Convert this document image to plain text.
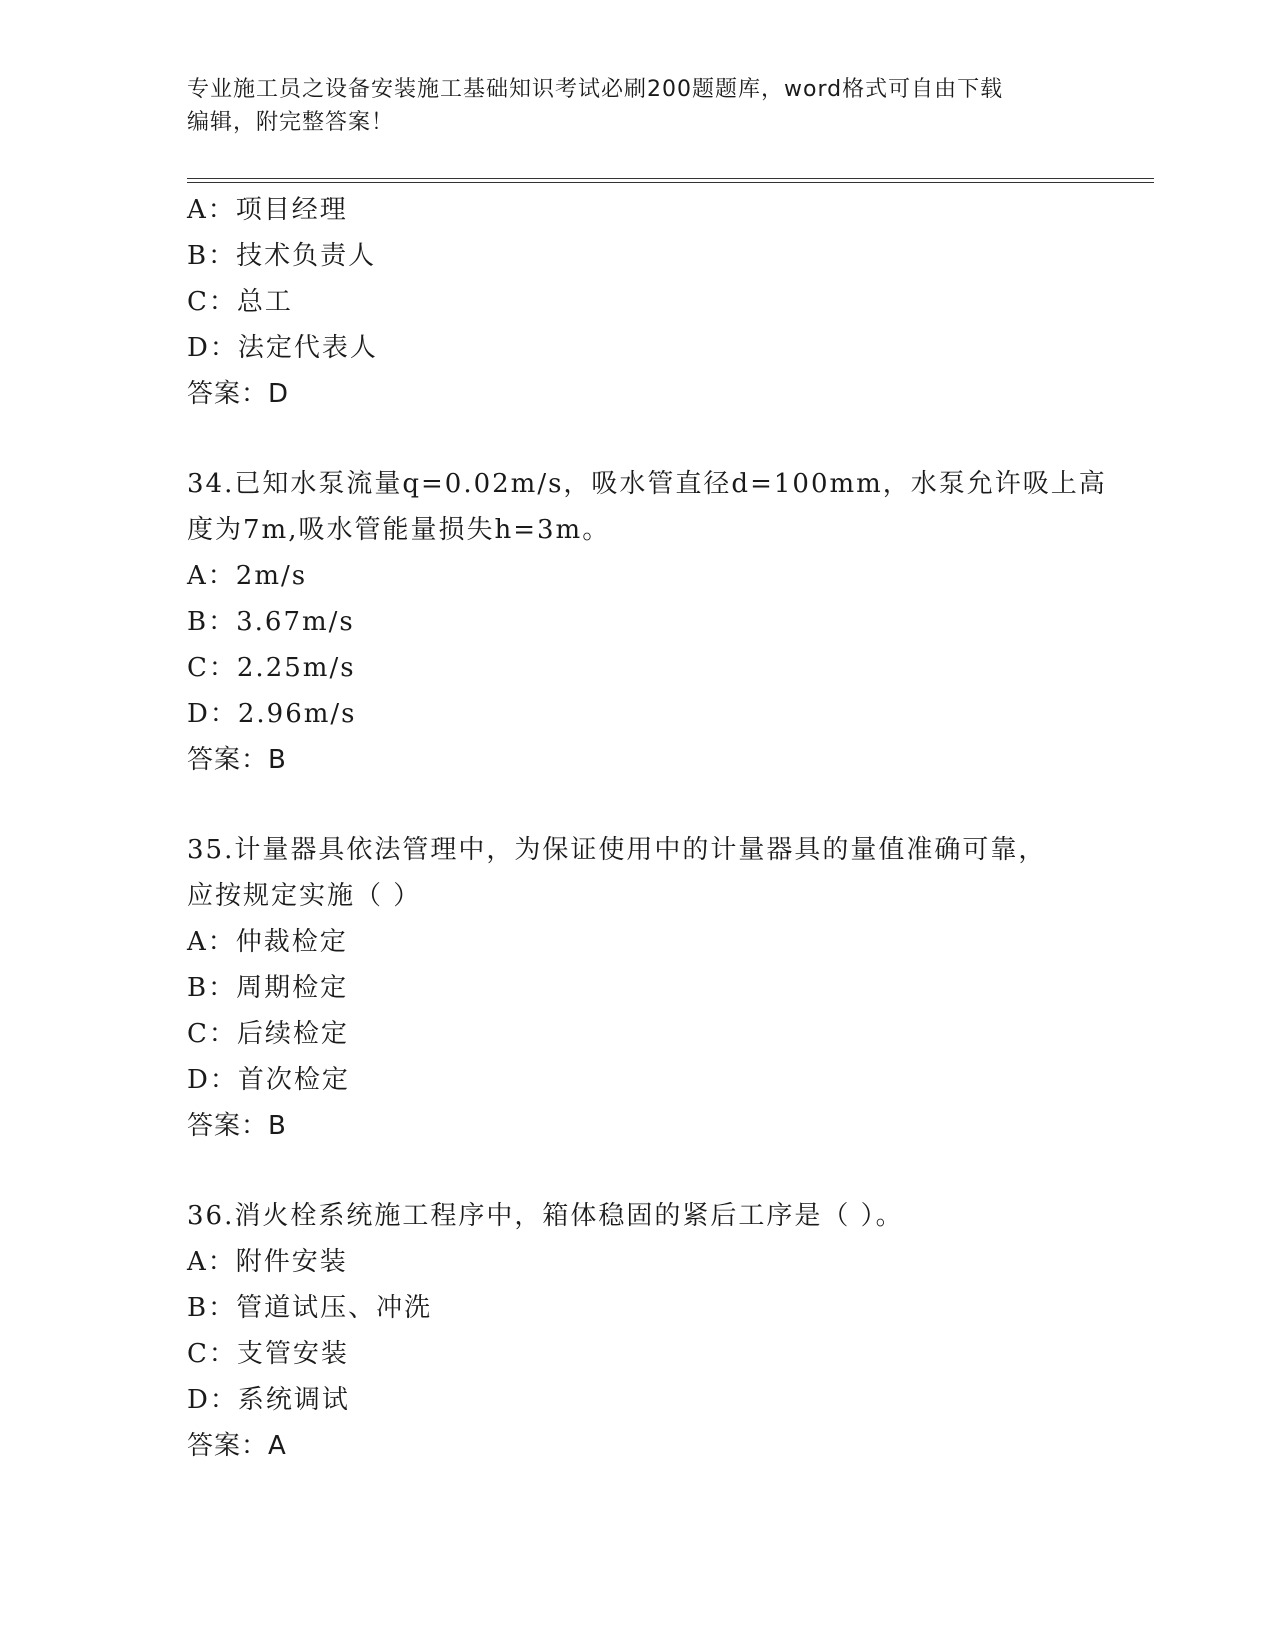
专业施工员之设备安装施工基础知识考试必刷200题题库，word格式可自由下载
编辑，附完整答案！
A：项目经理
B：技术负责人
C：总工
D：法定代表人
答案：D
34.已知水泵流量q=0.02m/s，吸水管直径d=100mm，水泵允许吸上高
度为7m,吸水管能量损失h=3m。
A：2m/s
B：3.67m/s
C：2.25m/s
D：2.96m/s
答案：B
35.计量器具依法管理中，为保证使用中的计量器具的量值准确可靠，
应按规定实施（ ）
A：仲裁检定
B：周期检定
C：后续检定
D：首次检定
答案：B
36.消火栓系统施工程序中，箱体稳固的紧后工序是（ ）。
A：附件安装
B：管道试压、冲洗
C：支管安装
D：系统调试
答案：A
